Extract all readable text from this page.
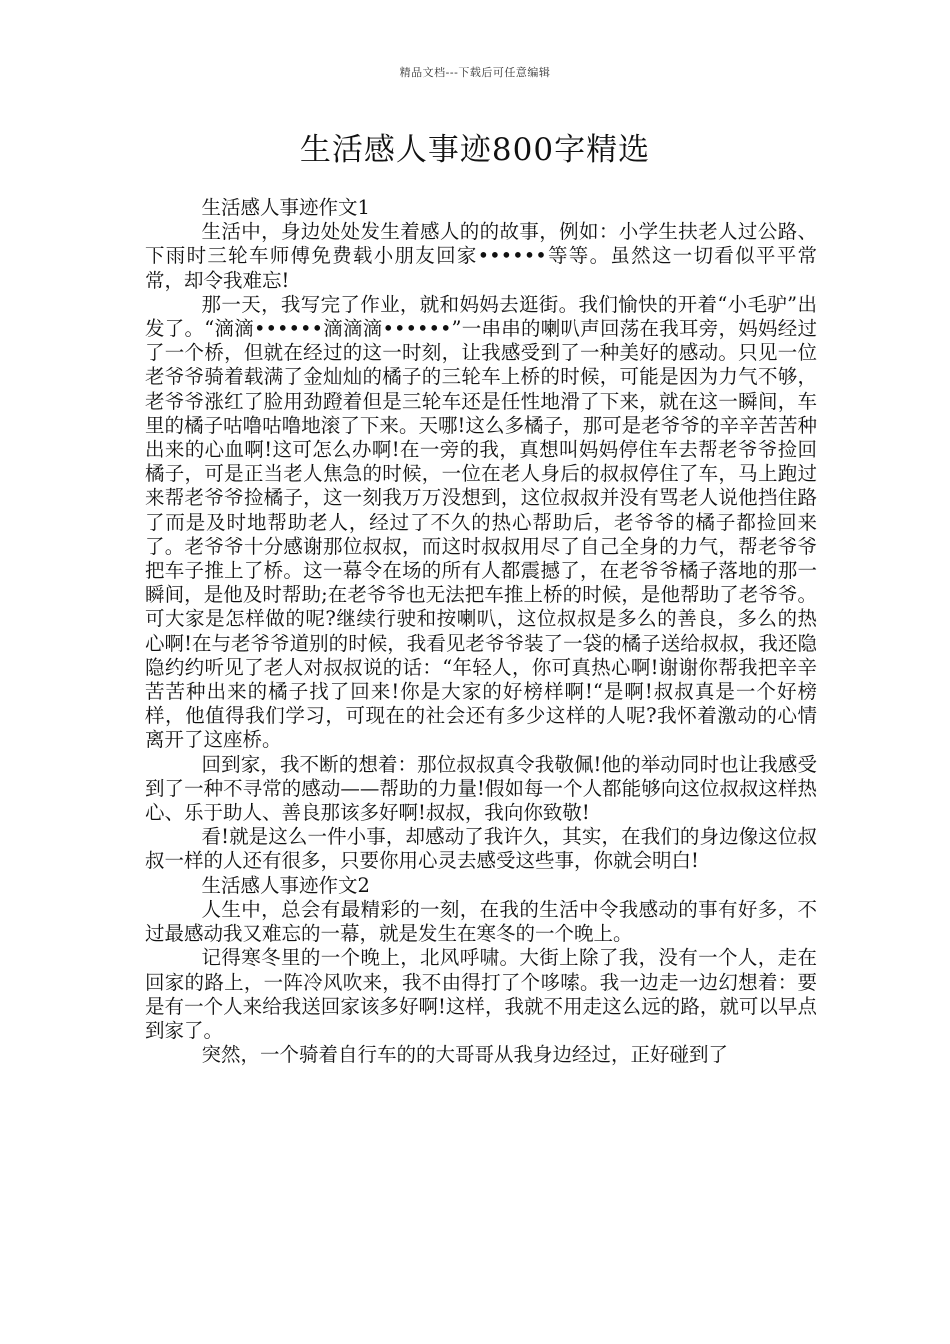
精品文档---下载后可任意编辑
生活感人事迹800字精选

生活感人事迹作文1

生活中，身边处处发生着感人的的故事，例如：小学生扶老人过公路、下雨时三轮车师傅免费载小朋友回家••••••等等。虽然这一切看似平平常常，却令我难忘!

那一天，我写完了作业，就和妈妈去逛街。我们愉快的开着“小毛驴”出发了。“滴滴••••••滴滴滴••••••”一串串的喇叭声回荡在我耳旁，妈妈经过了一个桥，但就在经过的这一时刻，让我感受到了一种美好的感动。只见一位老爷爷骑着载满了金灿灿的橘子的三轮车上桥的时候，可能是因为力气不够，老爷爷涨红了脸用劲蹬着但是三轮车还是任性地滑了下来，就在这一瞬间，车里的橘子咕噜咕噜地滚了下来。天哪!这么多橘子，那可是老爷爷的辛辛苦苦种出来的心血啊!这可怎么办啊!在一旁的我，真想叫妈妈停住车去帮老爷爷捡回橘子，可是正当老人焦急的时候，一位在老人身后的叔叔停住了车，马上跑过来帮老爷爷捡橘子，这一刻我万万没想到，这位叔叔并没有骂老人说他挡住路了而是及时地帮助老人，经过了不久的热心帮助后，老爷爷的橘子都捡回来了。老爷爷十分感谢那位叔叔，而这时叔叔用尽了自己全身的力气，帮老爷爷把车子推上了桥。这一幕令在场的所有人都震撼了，在老爷爷橘子落地的那一瞬间，是他及时帮助;在老爷爷也无法把车推上桥的时候，是他帮助了老爷爷。可大家是怎样做的呢?继续行驶和按喇叭，这位叔叔是多么的善良，多么的热心啊!在与老爷爷道别的时候，我看见老爷爷装了一袋的橘子送给叔叔，我还隐隐约约听见了老人对叔叔说的话：“年轻人，你可真热心啊!谢谢你帮我把辛辛苦苦种出来的橘子找了回来!你是大家的好榜样啊!“是啊!叔叔真是一个好榜样，他值得我们学习，可现在的社会还有多少这样的人呢?我怀着激动的心情离开了这座桥。

回到家，我不断的想着：那位叔叔真令我敬佩!他的举动同时也让我感受到了一种不寻常的感动——帮助的力量!假如每一个人都能够向这位叔叔这样热心、乐于助人、善良那该多好啊!叔叔，我向你致敬!

看!就是这么一件小事，却感动了我许久，其实，在我们的身边像这位叔叔一样的人还有很多，只要你用心灵去感受这些事，你就会明白!

生活感人事迹作文2

人生中，总会有最精彩的一刻，在我的生活中令我感动的事有好多，不过最感动我又难忘的一幕，就是发生在寒冬的一个晚上。

记得寒冬里的一个晚上，北风呼啸。大街上除了我，没有一个人，走在回家的路上，一阵冷风吹来，我不由得打了个哆嗦。我一边走一边幻想着：要是有一个人来给我送回家该多好啊!这样，我就不用走这么远的路，就可以早点到家了。

突然，一个骑着自行车的的大哥哥从我身边经过，正好碰到了
